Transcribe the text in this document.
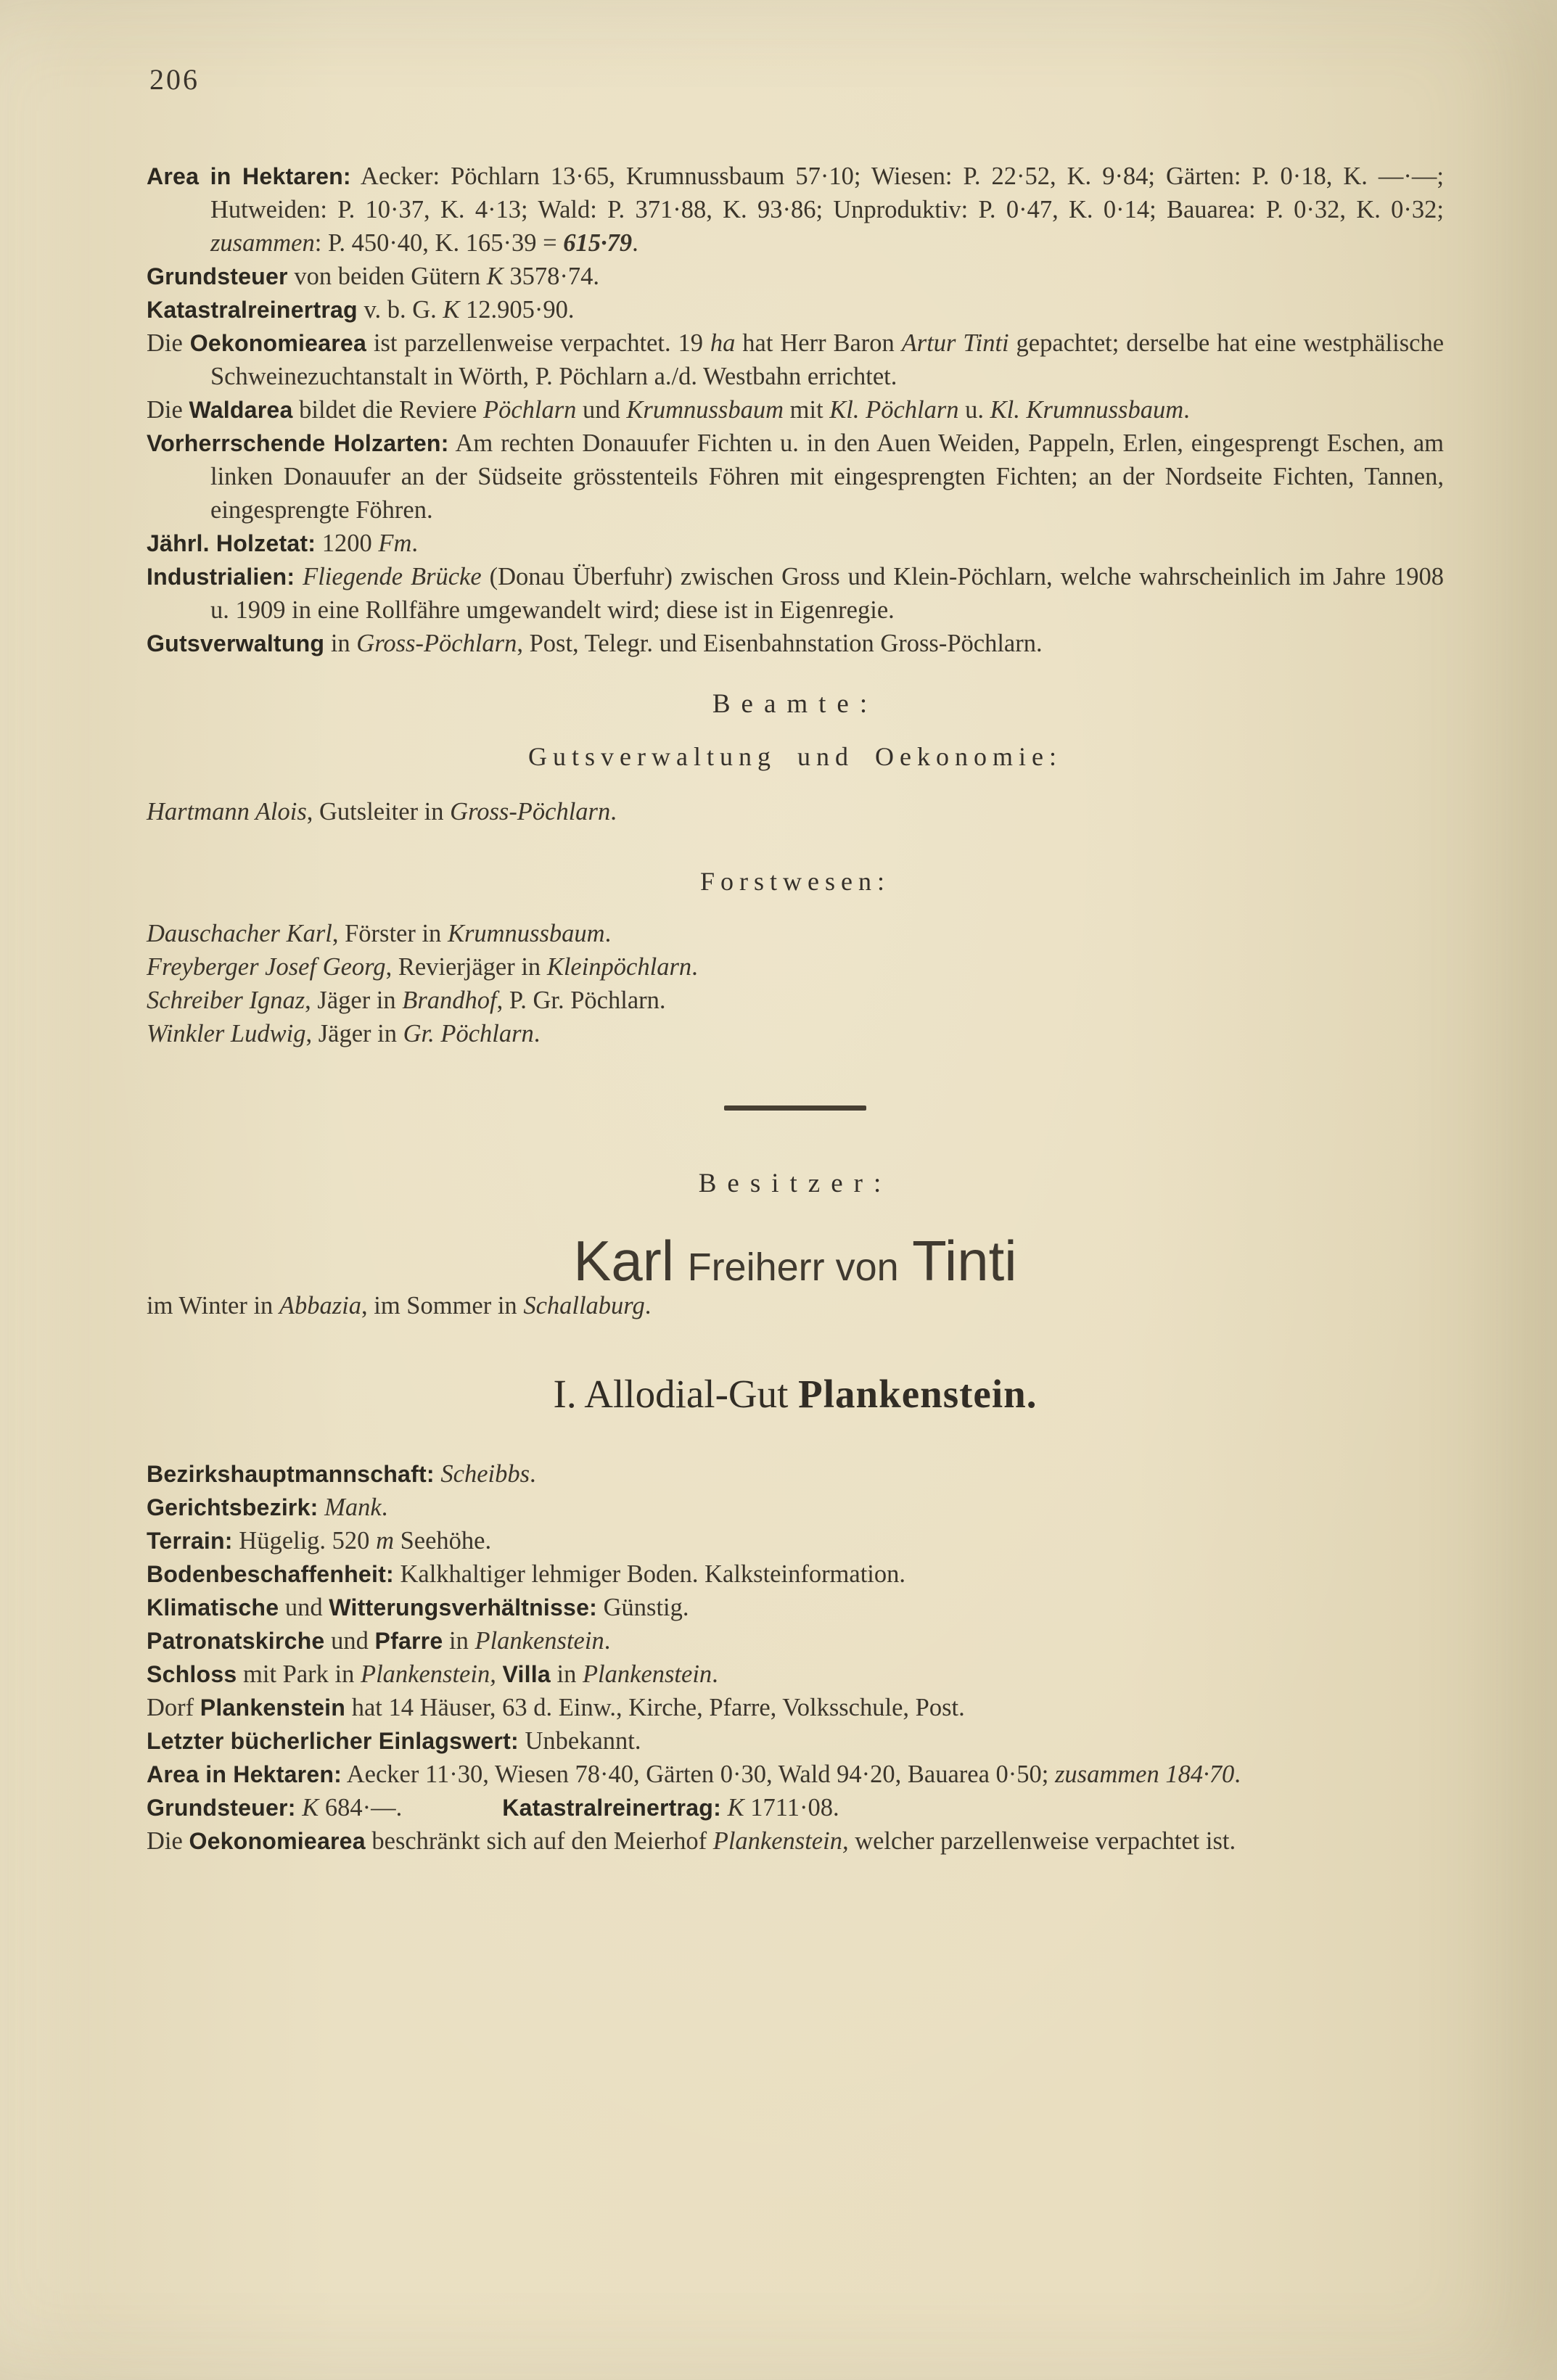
206

Area in Hektaren: Aecker: Pöchlarn 13·65, Krumnussbaum 57·10; Wiesen: P. 22·52, K. 9·84; Gärten: P. 0·18, K. —·—; Hutweiden: P. 10·37, K. 4·13; Wald: P. 371·88, K. 93·86; Unproduktiv: P. 0·47, K. 0·14; Bauarea: P. 0·32, K. 0·32; zusammen: P. 450·40, K. 165·39 = 615·79.

Grundsteuer von beiden Gütern K 3578·74.

Katastralreinertrag v. b. G. K 12.905·90.

Die Oekonomiearea ist parzellenweise verpachtet. 19 ha hat Herr Baron Artur Tinti gepachtet; derselbe hat eine westphälische Schweinezuchtanstalt in Wörth, P. Pöchlarn a./d. Westbahn errichtet.

Die Waldarea bildet die Reviere Pöchlarn und Krumnussbaum mit Kl. Pöchlarn u. Kl. Krumnussbaum.

Vorherrschende Holzarten: Am rechten Donauufer Fichten u. in den Auen Weiden, Pappeln, Erlen, eingesprengt Eschen, am linken Donauufer an der Südseite grösstenteils Föhren mit eingesprengten Fichten; an der Nordseite Fichten, Tannen, eingesprengte Föhren.

Jährl. Holzetat: 1200 Fm.

Industrialien: Fliegende Brücke (Donau Überfuhr) zwischen Gross und Klein-Pöchlarn, welche wahrscheinlich im Jahre 1908 u. 1909 in eine Rollfähre umgewandelt wird; diese ist in Eigenregie.

Gutsverwaltung in Gross-Pöchlarn, Post, Telegr. und Eisenbahnstation Gross-Pöchlarn.

Beamte:
Gutsverwaltung und Oekonomie:

Hartmann Alois, Gutsleiter in Gross-Pöchlarn.

Forstwesen:

Dauschacher Karl, Förster in Krumnussbaum.

Freyberger Josef Georg, Revierjäger in Kleinpöchlarn.

Schreiber Ignaz, Jäger in Brandhof, P. Gr. Pöchlarn.

Winkler Ludwig, Jäger in Gr. Pöchlarn.

Besitzer:
Karl Freiherr von Tinti

im Winter in Abbazia, im Sommer in Schallaburg.

I. Allodial-Gut Plankenstein.

Bezirkshauptmannschaft: Scheibbs.

Gerichtsbezirk: Mank.

Terrain: Hügelig. 520 m Seehöhe.

Bodenbeschaffenheit: Kalkhaltiger lehmiger Boden. Kalksteinformation.

Klimatische und Witterungsverhältnisse: Günstig.

Patronatskirche und Pfarre in Plankenstein.

Schloss mit Park in Plankenstein, Villa in Plankenstein.

Dorf Plankenstein hat 14 Häuser, 63 d. Einw., Kirche, Pfarre, Volksschule, Post.

Letzter bücherlicher Einlagswert: Unbekannt.

Area in Hektaren: Aecker 11·30, Wiesen 78·40, Gärten 0·30, Wald 94·20, Bauarea 0·50; zusammen 184·70.

Grundsteuer: K 684·—.    Katastralreinertrag: K 1711·08.

Die Oekonomiearea beschränkt sich auf den Meierhof Plankenstein, welcher parzellenweise verpachtet ist.
